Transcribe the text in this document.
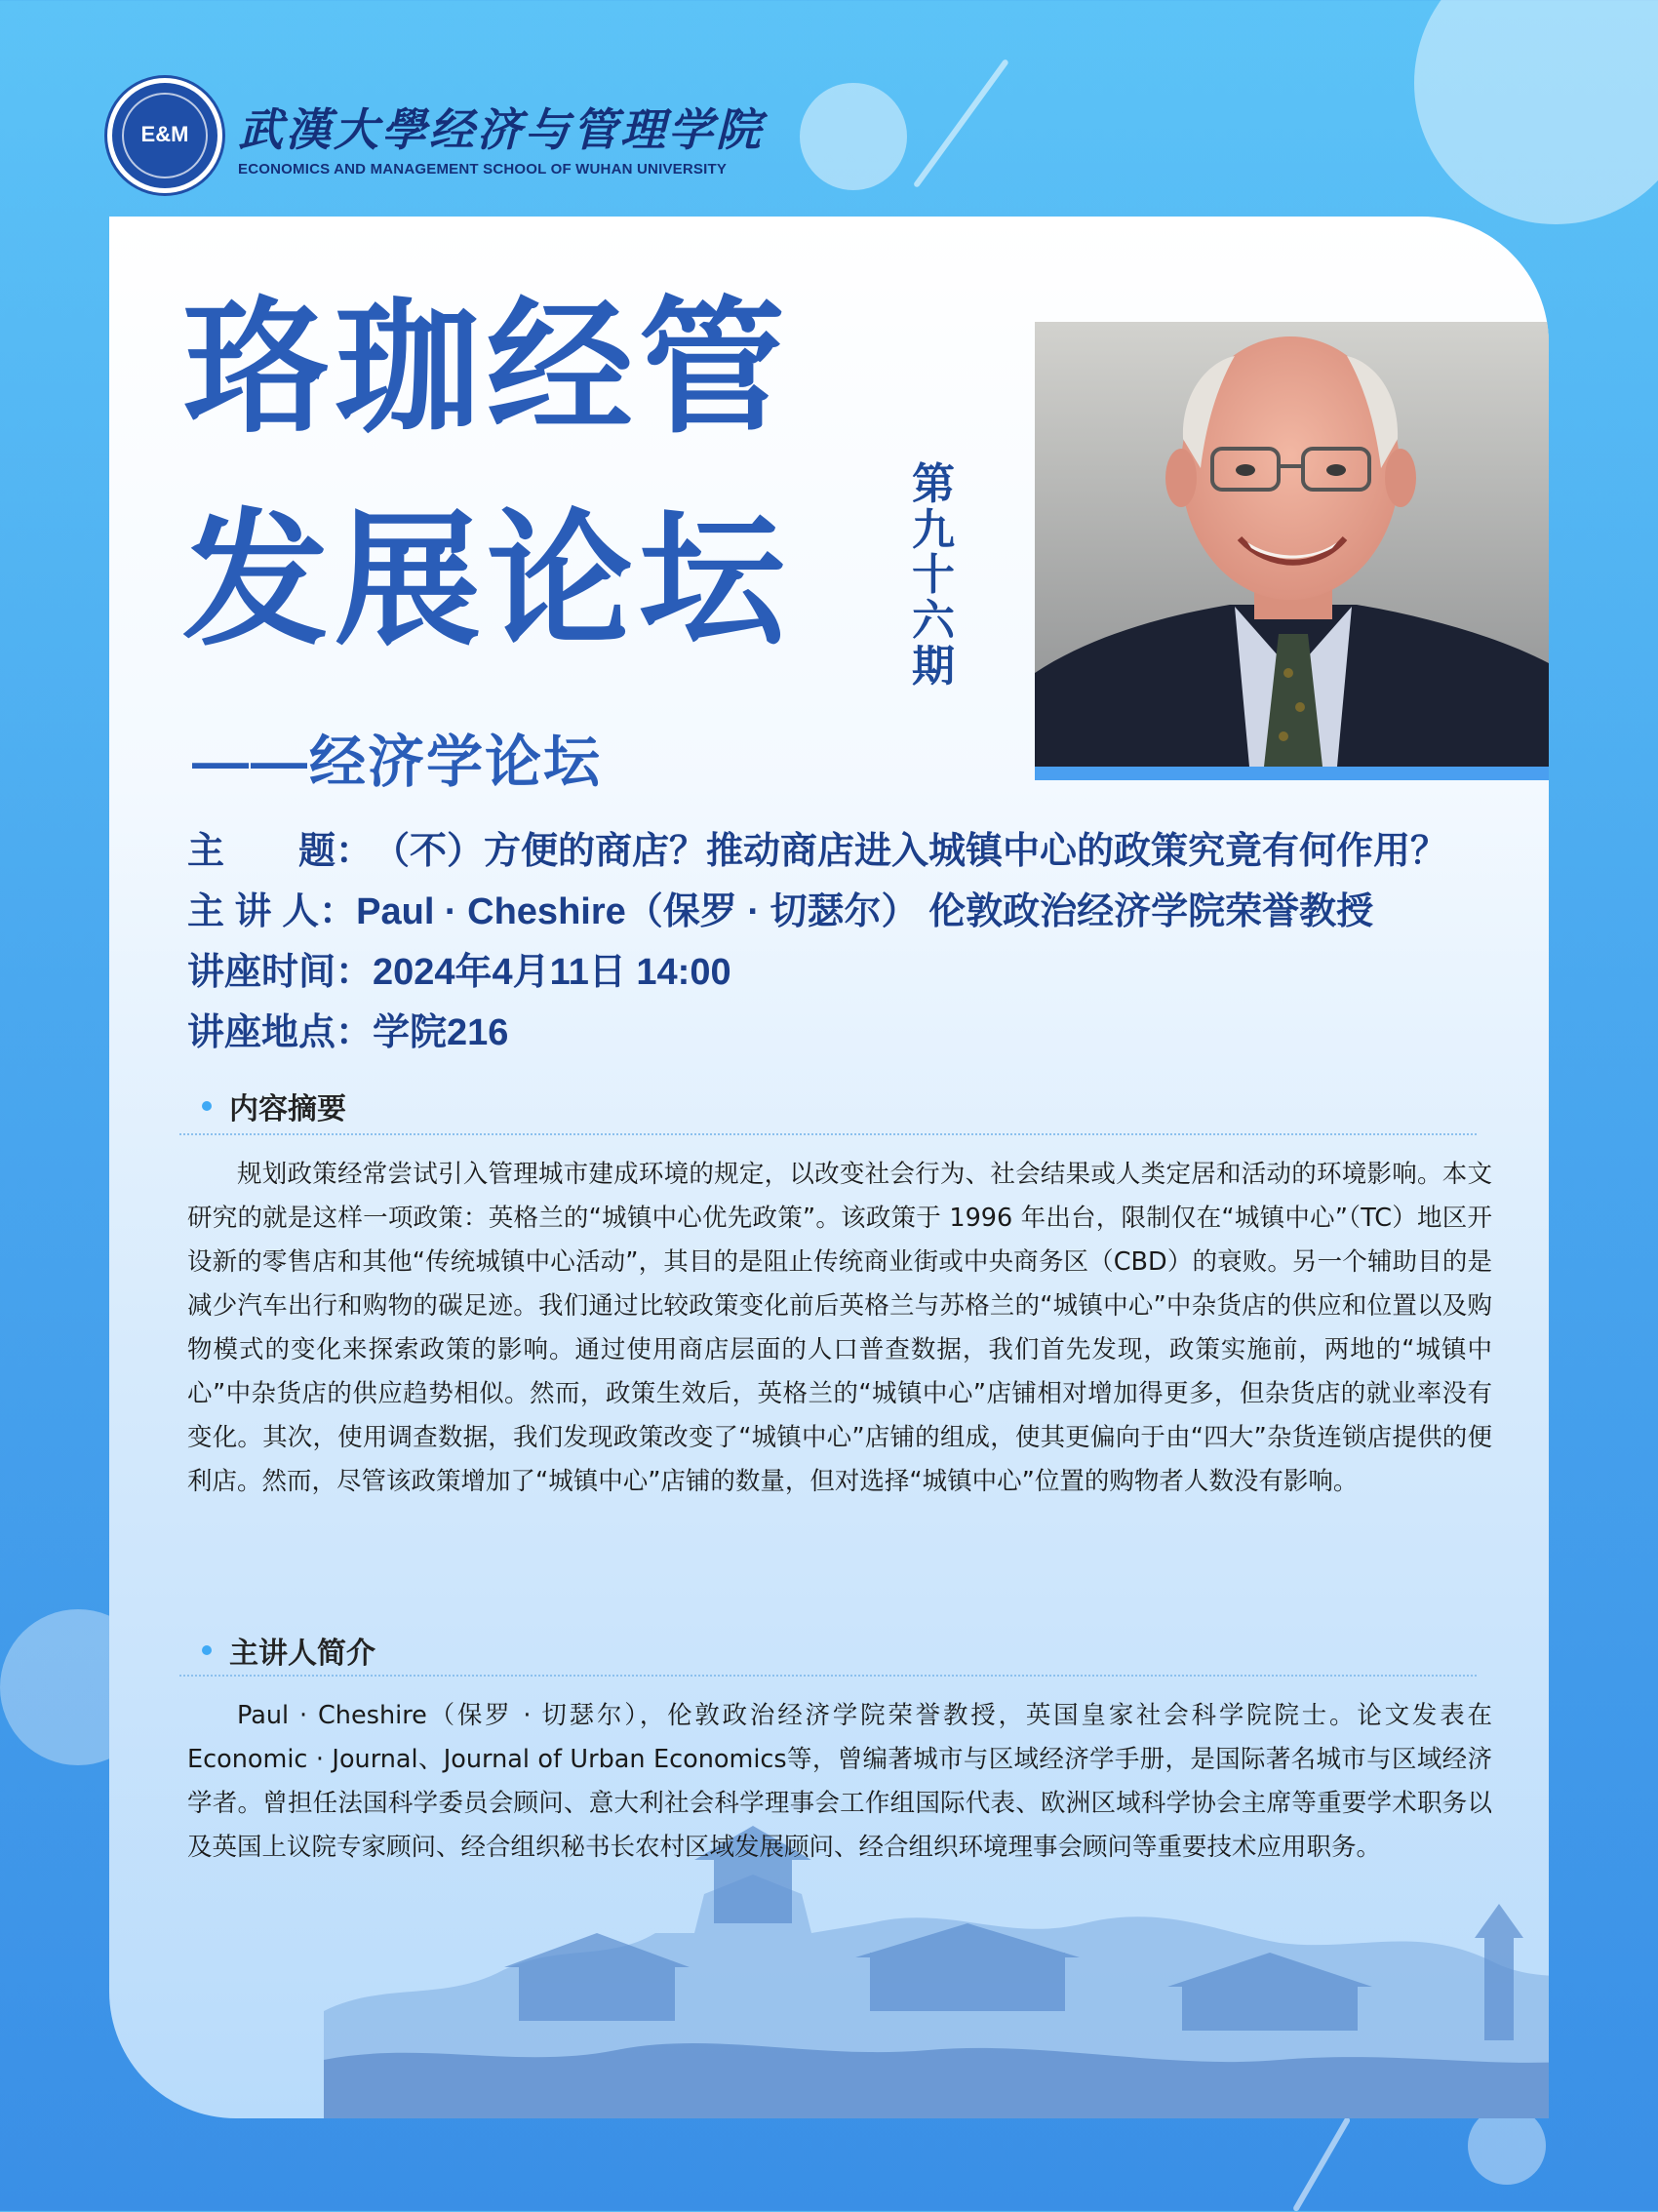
E&M	武漢大學经济与管理学院
ECONOMICS AND MANAGEMENT SCHOOL OF WUHAN UNIVERSITY
珞珈经管
发展论坛
第九十六期
——经济学论坛
主　　题：（不）方便的商店？推动商店进入城镇中心的政策究竟有何作用？
主 讲 人：Paul · Cheshire（保罗 · 切瑟尔） 伦敦政治经济学院荣誉教授
讲座时间：2024年4月11日 14:00
讲座地点：学院216
内容摘要
规划政策经常尝试引入管理城市建成环境的规定，以改变社会行为、社会结果或人类定居和活动的环境影响。本文研究的就是这样一项政策：英格兰的“城镇中心优先政策”。该政策于 1996 年出台，限制仅在“城镇中心”（TC）地区开设新的零售店和其他“传统城镇中心活动”，其目的是阻止传统商业街或中央商务区（CBD）的衰败。另一个辅助目的是减少汽车出行和购物的碳足迹。我们通过比较政策变化前后英格兰与苏格兰的“城镇中心”中杂货店的供应和位置以及购物模式的变化来探索政策的影响。通过使用商店层面的人口普查数据，我们首先发现，政策实施前，两地的“城镇中心”中杂货店的供应趋势相似。然而，政策生效后，英格兰的“城镇中心”店铺相对增加得更多，但杂货店的就业率没有变化。其次，使用调查数据，我们发现政策改变了“城镇中心”店铺的组成，使其更偏向于由“四大”杂货连锁店提供的便利店。然而，尽管该政策增加了“城镇中心”店铺的数量，但对选择“城镇中心”位置的购物者人数没有影响。
主讲人简介
Paul · Cheshire（保罗 · 切瑟尔），伦敦政治经济学院荣誉教授，英国皇家社会科学院院士。论文发表在Economic · Journal、Journal of Urban Economics等，曾编著城市与区域经济学手册，是国际著名城市与区域经济学者。曾担任法国科学委员会顾问、意大利社会科学理事会工作组国际代表、欧洲区域科学协会主席等重要学术职务以及英国上议院专家顾问、经合组织秘书长农村区域发展顾问、经合组织环境理事会顾问等重要技术应用职务。
